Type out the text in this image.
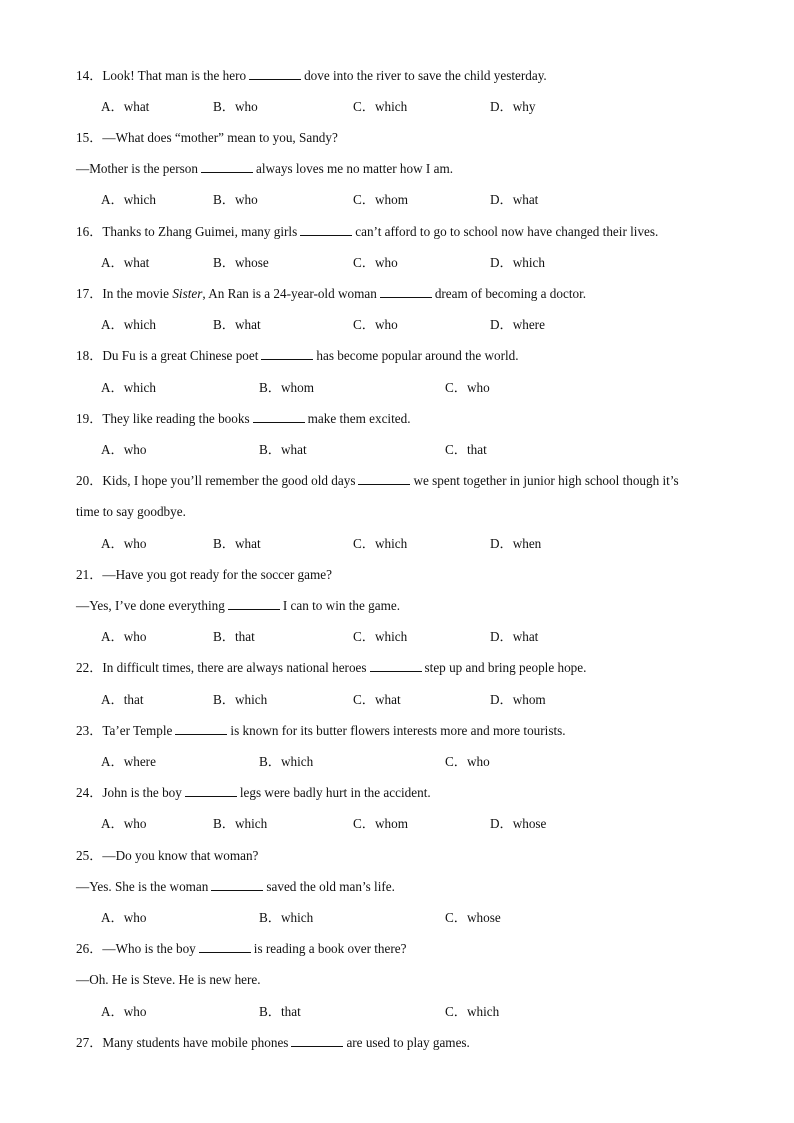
14．Look! That man is the hero	dove into the river to save the child yesterday.
A．what	B．who	C．which	D．why
15．—What does “mother” mean to you, Sandy?
—Mother is the person	always loves me no matter how I am.
A．which	B．who	C．whom	D．what
16．Thanks to Zhang Guimei, many girls	can’t afford to go to school now have changed their lives.
A．what	B．whose	C．who	D．which
17．In the movie Sister, An Ran is a 24-year-old woman	dream of becoming a doctor.
A．which	B．what	C．who	D．where
18．Du Fu is a great Chinese poet	has become popular around the world.
A．which	B．whom	C．who
19．They like reading the books	make them excited.
A．who	B．what	C．that
20．Kids, I hope you’ll remember the good old days	we spent together in junior high school though it’s
time to say goodbye.
A．who	B．what	C．which	D．when
21．—Have you got ready for the soccer game?
—Yes, I’ve done everything	I can to win the game.
A．who	B．that	C．which	D．what
22．In difficult times, there are always national heroes	step up and bring people hope.
A．that	B．which	C．what	D．whom
23．Ta’er Temple	is known for its butter flowers interests more and more tourists.
A．where	B．which	C．who
24．John is the boy	legs were badly hurt in the accident.
A．who	B．which	C．whom	D．whose
25．—Do you know that woman?
—Yes. She is the woman	saved the old man’s life.
A．who	B．which	C．whose
26．—Who is the boy	is reading a book over there?
—Oh. He is Steve. He is new here.
A．who	B．that	C．which
27．Many students have mobile phones	are used to play games.
